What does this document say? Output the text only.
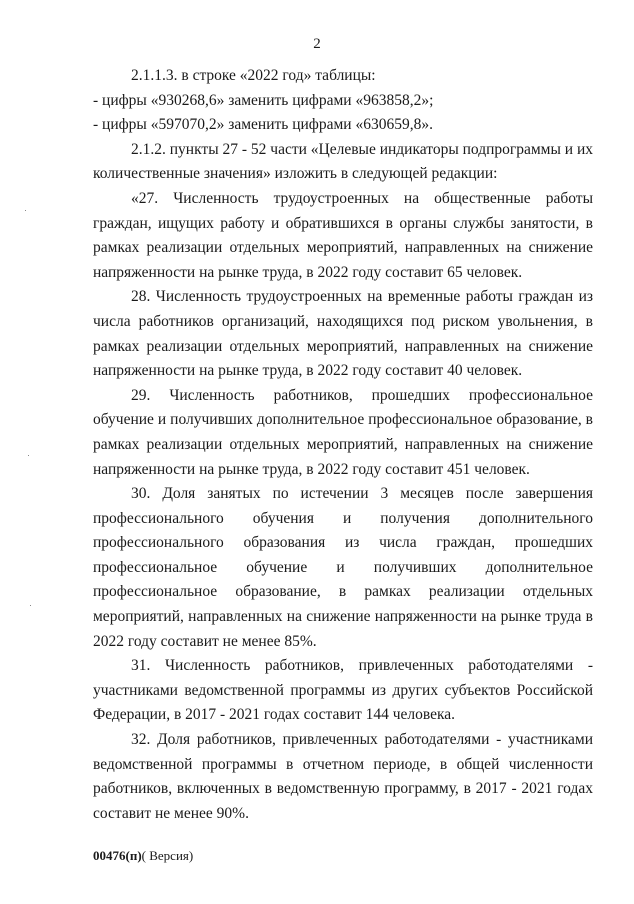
2

2.1.1.3. в строке «2022 год» таблицы:

- цифры «930268,6» заменить цифрами «963858,2»;

- цифры «597070,2» заменить цифрами «630659,8».

2.1.2. пункты 27 - 52 части «Целевые индикаторы подпрограммы и их количественные значения» изложить в следующей редакции:

«27. Численность трудоустроенных на общественные работы граждан, ищущих работу и обратившихся в органы службы занятости, в рамках реализации отдельных мероприятий, направленных на снижение напряженности на рынке труда, в 2022 году составит 65 человек.

28. Численность трудоустроенных на временные работы граждан из числа работников организаций, находящихся под риском увольнения, в рамках реализации отдельных мероприятий, направленных на снижение напряженности на рынке труда, в 2022 году составит 40 человек.

29. Численность работников, прошедших профессиональное обучение и получивших дополнительное профессиональное образование, в рамках реализации отдельных мероприятий, направленных на снижение напряженности на рынке труда, в 2022 году составит 451 человек.

30. Доля занятых по истечении 3 месяцев после завершения профессионального обучения и получения дополнительного профессионального образования из числа граждан, прошедших профессиональное обучение и получивших дополнительное профессиональное образование, в рамках реализации отдельных мероприятий, направленных на снижение напряженности на рынке труда в 2022 году составит не менее 85%.

31. Численность работников, привлеченных работодателями - участниками ведомственной программы из других субъектов Российской Федерации, в 2017 - 2021 годах составит 144 человека.

32. Доля работников, привлеченных работодателями - участниками ведомственной программы в отчетном периоде, в общей численности работников, включенных в ведомственную программу, в 2017 - 2021 годах составит не менее 90%.

00476(п)( Версия)
